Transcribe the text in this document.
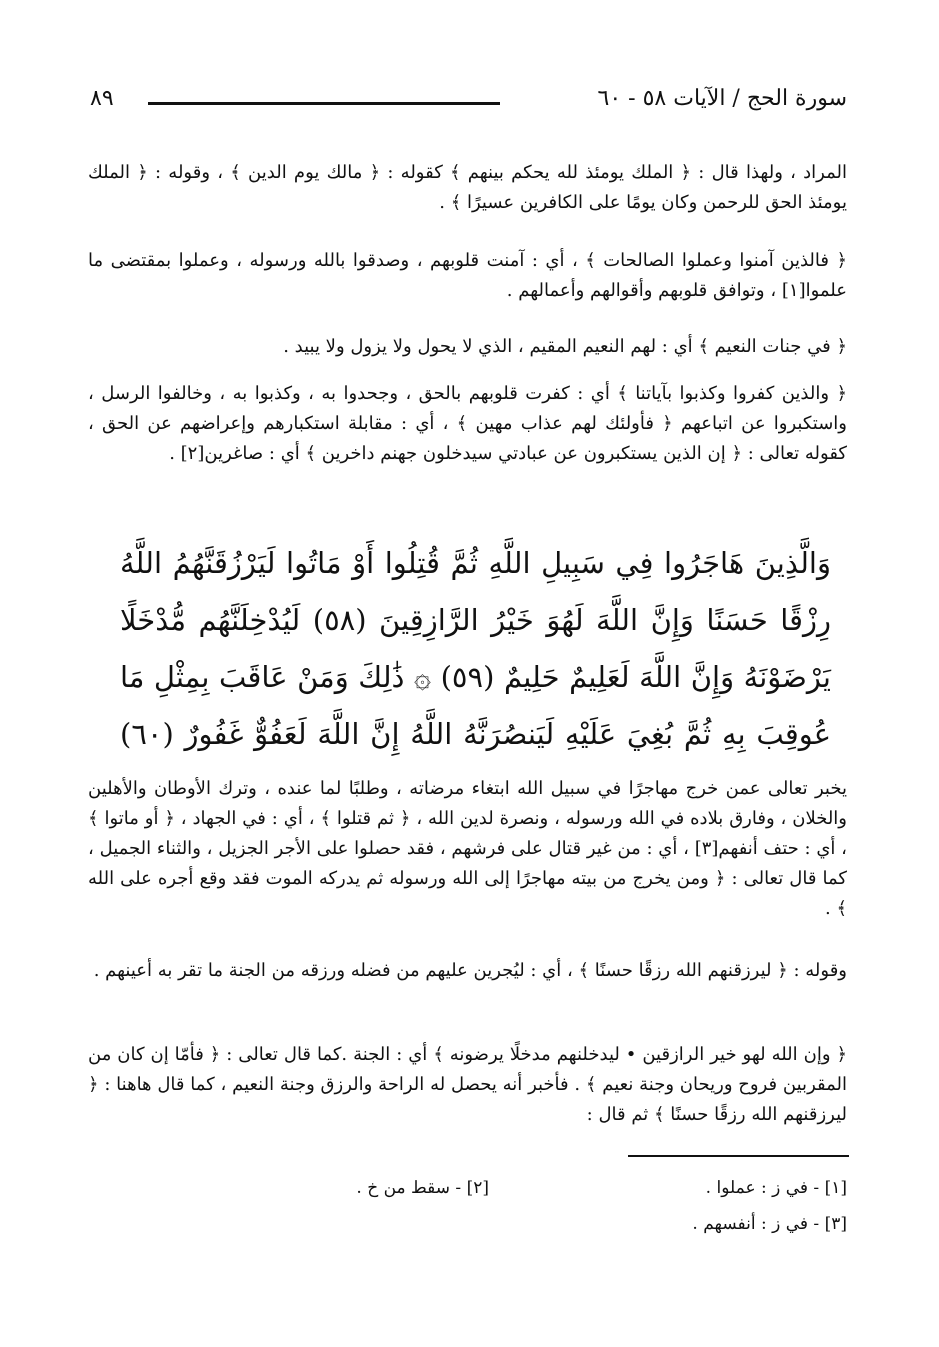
٨٩	سورة الحج / الآيات ٥٨ - ٦٠

المراد ، ولهذا قال : ﴿ الملك يومئذ لله يحكم بينهم ﴾ كقوله : ﴿ مالك يوم الدين ﴾ ، وقوله : ﴿ الملك يومئذ الحق للرحمن وكان يومًا على الكافرين عسيرًا ﴾ .

﴿ فالذين آمنوا وعملوا الصالحات ﴾ ، أي : آمنت قلوبهم ، وصدقوا بالله ورسوله ، وعملوا بمقتضى ما علموا[١] ، وتوافق قلوبهم وأقوالهم وأعمالهم .

﴿ في جنات النعيم ﴾ أي : لهم النعيم المقيم ، الذي لا يحول ولا يزول ولا يبيد .

﴿ والذين كفروا وكذبوا بآياتنا ﴾ أي : كفرت قلوبهم بالحق ، وجحدوا به ، وكذبوا به ، وخالفوا الرسل ، واستكبروا عن اتباعهم ﴿ فأولئك لهم عذاب مهين ﴾ ، أي : مقابلة استكبارهم وإعراضهم عن الحق ، كقوله تعالى : ﴿ إن الذين يستكبرون عن عبادتي سيدخلون جهنم داخرين ﴾ أي : صاغرين[٢] .

وَالَّذِينَ هَاجَرُوا فِي سَبِيلِ اللَّهِ ثُمَّ قُتِلُوا أَوْ مَاتُوا لَيَرْزُقَنَّهُمُ اللَّهُ رِزْقًا حَسَنًا وَإِنَّ اللَّهَ لَهُوَ خَيْرُ الرَّازِقِينَ (٥٨) لَيُدْخِلَنَّهُم مُّدْخَلًا يَرْضَوْنَهُ وَإِنَّ اللَّهَ لَعَلِيمٌ حَلِيمٌ (٥٩) ۞ ذَٰلِكَ وَمَنْ عَاقَبَ بِمِثْلِ مَا عُوقِبَ بِهِ ثُمَّ بُغِيَ عَلَيْهِ لَيَنصُرَنَّهُ اللَّهُ إِنَّ اللَّهَ لَعَفُوٌّ غَفُورٌ (٦٠)

يخبر تعالى عمن خرج مهاجرًا في سبيل الله ابتغاء مرضاته ، وطلبًا لما عنده ، وترك الأوطان والأهلين والخلان ، وفارق بلاده في الله ورسوله ، ونصرة لدين الله ، ﴿ ثم قتلوا ﴾ ، أي : في الجهاد ، ﴿ أو ماتوا ﴾ ، أي : حتف أنفهم[٣] ، أي : من غير قتال على فرشهم ، فقد حصلوا على الأجر الجزيل ، والثناء الجميل ، كما قال تعالى : ﴿ ومن يخرج من بيته مهاجرًا إلى الله ورسوله ثم يدركه الموت فقد وقع أجره على الله ﴾ .

وقوله : ﴿ ليرزقنهم الله رزقًا حسنًا ﴾ ، أي : ليُجرين عليهم من فضله ورزقه من الجنة ما تقر به أعينهم .

﴿ وإن الله لهو خير الرازقين • ليدخلنهم مدخلًا يرضونه ﴾ أي : الجنة .كما قال تعالى : ﴿ فأمّا إن كان من المقربين فروح وريحان وجنة نعيم ﴾ . فأخبر أنه يحصل له الراحة والرزق وجنة النعيم ، كما قال هاهنا : ﴿ ليرزقنهم الله رزقًا حسنًا ﴾ ثم قال :

[١] - في ز : عملوا .
[٢] - سقط من خ .
[٣] - في ز : أنفسهم .
